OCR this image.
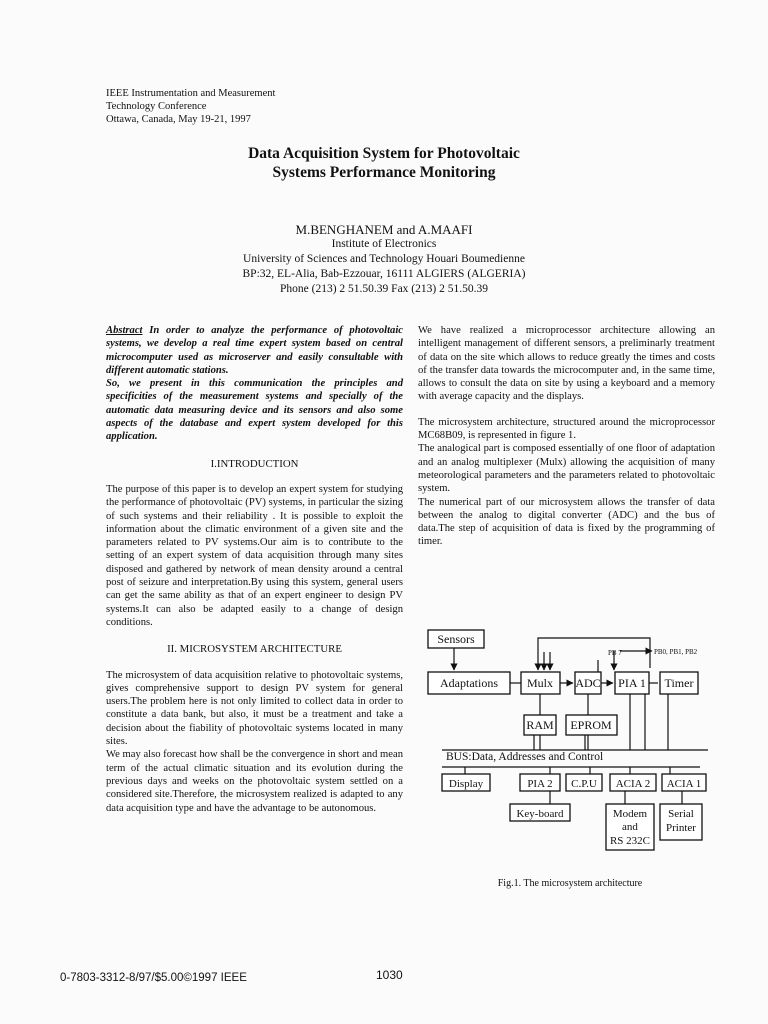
IEEE Instrumentation and Measurement
Technology Conference
Ottawa, Canada, May 19-21, 1997
Data Acquisition System for Photovoltaic
Systems Performance Monitoring
M.BENGHANEM and A.MAAFI
Institute of Electronics
University of Sciences and Technology Houari Boumedienne
BP:32, EL-Alia, Bab-Ezzouar, 16111 ALGIERS (ALGERIA)
Phone (213) 2 51.50.39 Fax (213) 2 51.50.39

Abstract In order to analyze the performance of photovoltaic systems, we develop a real time expert system based on central microcomputer used as microserver and easily consultable with different automatic stations.

So, we present in this communication the principles and specificities of the measurement systems and specially of the automatic data measuring device and its sensors and also some aspects of the database and expert system developed for this application.

I.INTRODUCTION

The purpose of this paper is to develop an expert system for studying the performance of photovoltaic (PV) systems, in particular the sizing of such systems and their reliability . It is possible to exploit the information about the climatic environment of a given site and the parameters related to PV systems.Our aim is to contribute to the setting of an expert system of data acquisition through many sites disposed and gathered by network of mean density around a central post of seizure and interpretation.By using this system, general users can get the same ability as that of an expert engineer to design PV systems.It can also be adapted easily to a change of design conditions.

II. MICROSYSTEM ARCHITECTURE

The microsystem of data acquisition relative to photovoltaic systems, gives comprehensive support to design PV system for general users.The problem here is not only limited to collect data in order to constitute a data bank, but also, it must be a treatment and take a decision about the fiability of photovoltaic systems located in many sites.

We may also forecast how shall be the convergence in short and mean term of the actual climatic situation and its evolution during the previous days and weeks on the photovoltaic system settled on a considered site.Therefore, the microsystem realized is adapted to any data acquisition type and have the advantage to be autonomous.

We have realized a microprocessor architecture allowing an intelligent management of different sensors, a preliminarly treatment of data on the site which allows to reduce greatly the times and costs of the transfer data towards the microcomputer and, in the same time, allows to consult the data on site by using a keyboard and a memory with average capacity and the displays.

The microsystem architecture, structured around the microprocessor MC68B09, is represented in figure 1.

The analogical part is composed essentially of one floor of adaptation and an analog multiplexer (Mulx) allowing the acquisition of many meteorological parameters and the parameters related to photovoltaic system.

The numerical part of our microsystem allows the transfer of data between the analog to digital converter (ADC) and the bus of data.The step of acquisition of data is fixed by the programming of timer.

Sensors
PB 7	PB0, PB1, PB2
Adaptations Mulx ADC PIA 1 Timer
RAM EPROM
BUS:Data, Addresses and Control
Display	PIA 2 C.P.U ACIA 2 ACIA 1
Key-board	Modem
and
RS 232C
Serial
Printer
Fig.1. The microsystem architecture
0-7803-3312-8/97/$5.00©1997 IEEE	1030
